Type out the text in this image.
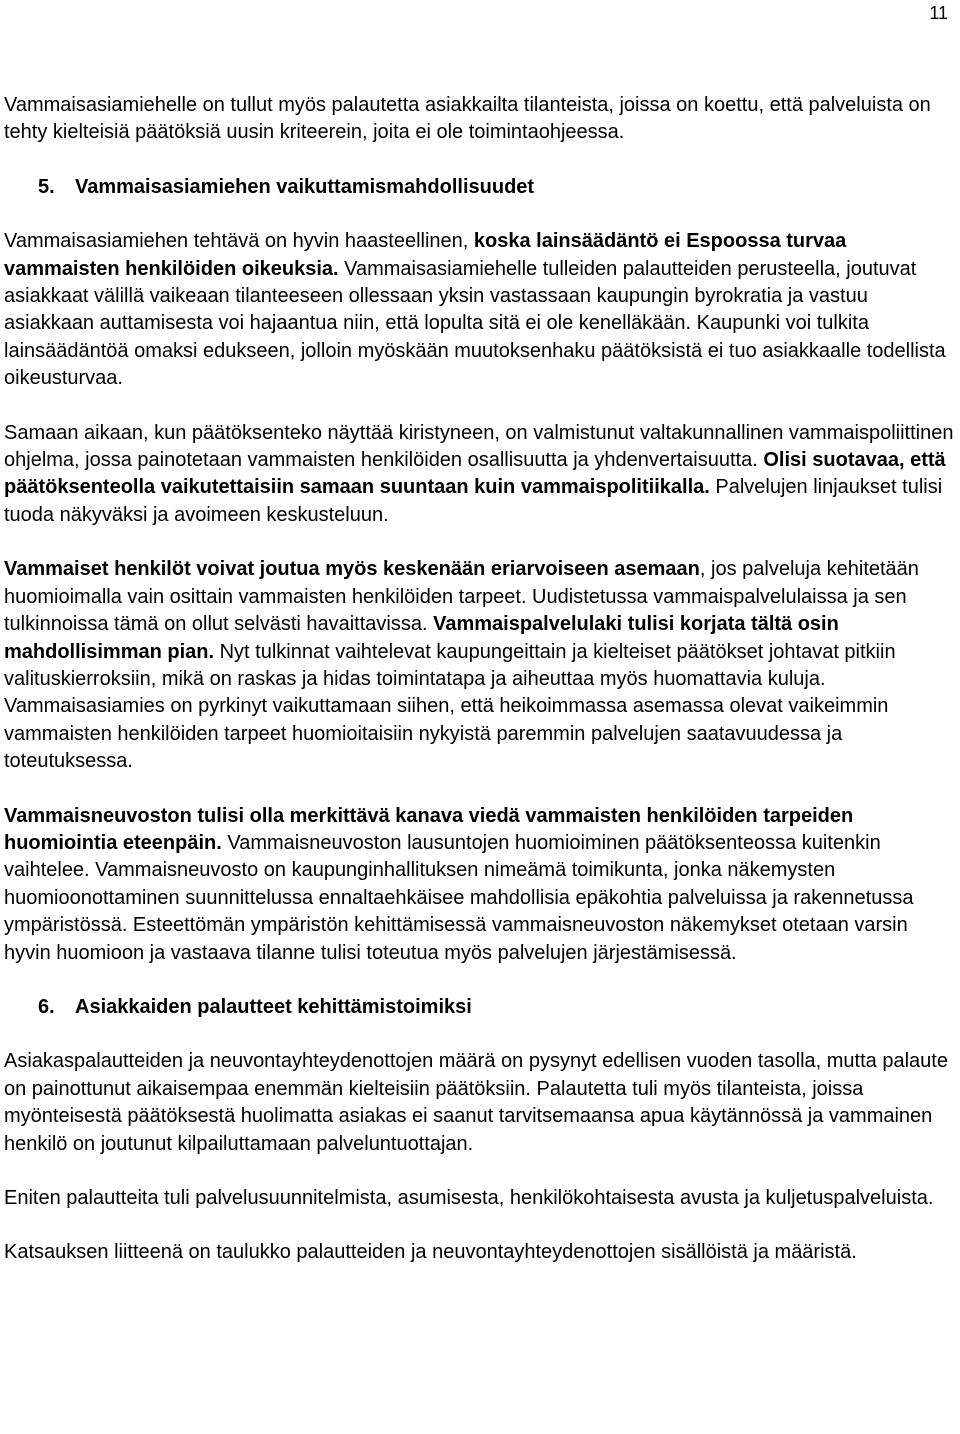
11

Vammaisasiamiehelle on tullut myös palautetta asiakkailta tilanteista, joissa on koettu, että palveluista on tehty kielteisiä päätöksiä uusin kriteerein, joita ei ole toimintaohjeessa.

5.	Vammaisasiamiehen vaikuttamismahdollisuudet

Vammaisasiamiehen tehtävä on hyvin haasteellinen, koska lainsäädäntö ei Espoossa turvaa vammaisten henkilöiden oikeuksia. Vammaisasiamiehelle tulleiden palautteiden perusteella, joutuvat asiakkaat välillä vaikeaan tilanteeseen ollessaan yksin vastassaan kaupungin byrokratia ja vastuu asiakkaan auttamisesta voi hajaantua niin, että lopulta sitä ei ole kenelläkään. Kaupunki voi tulkita lainsäädäntöä omaksi edukseen, jolloin myöskään muutoksenhaku päätöksistä ei tuo asiakkaalle todellista oikeusturvaa.

Samaan aikaan, kun päätöksenteko näyttää kiristyneen, on valmistunut valtakunnallinen vammaispoliittinen ohjelma, jossa painotetaan vammaisten henkilöiden osallisuutta ja yhdenvertaisuutta. Olisi suotavaa, että päätöksenteolla vaikutettaisiin samaan suuntaan kuin vammaispolitiikalla. Palvelujen linjaukset tulisi tuoda näkyväksi ja avoimeen keskusteluun.

Vammaiset henkilöt voivat joutua myös keskenään eriarvoiseen asemaan, jos palveluja kehitetään huomioimalla vain osittain vammaisten henkilöiden tarpeet. Uudistetussa vammaispalvelulaissa ja sen tulkinnoissa tämä on ollut selvästi havaittavissa. Vammaispalvelulaki tulisi korjata tältä osin mahdollisimman pian. Nyt tulkinnat vaihtelevat kaupungeittain ja kielteiset päätökset johtavat pitkiin valituskierroksiin, mikä on raskas ja hidas toimintatapa ja aiheuttaa myös huomattavia kuluja. Vammaisasiamies on pyrkinyt vaikuttamaan siihen, että heikoimmassa asemassa olevat vaikeimmin vammaisten henkilöiden tarpeet huomioitaisiin nykyistä paremmin palvelujen saatavuudessa ja toteutuksessa.

Vammaisneuvoston tulisi olla merkittävä kanava viedä vammaisten henkilöiden tarpeiden huomiointia eteenpäin. Vammaisneuvoston lausuntojen huomioiminen päätöksenteossa kuitenkin vaihtelee. Vammaisneuvosto on kaupunginhallituksen nimeämä toimikunta, jonka näkemysten huomioonottaminen suunnittelussa ennaltaehkäisee mahdollisia epäkohtia palveluissa ja rakennetussa ympäristössä. Esteettömän ympäristön kehittämisessä vammaisneuvoston näkemykset otetaan varsin hyvin huomioon ja vastaava tilanne tulisi toteutua myös palvelujen järjestämisessä.

6.	Asiakkaiden palautteet kehittämistoimiksi

Asiakaspalautteiden ja neuvontayhteydenottojen määrä on pysynyt edellisen vuoden tasolla, mutta palaute on painottunut aikaisempaa enemmän kielteisiin päätöksiin. Palautetta tuli myös tilanteista, joissa myönteisestä päätöksestä huolimatta asiakas ei saanut tarvitsemaansa apua käytännössä ja vammainen henkilö on joutunut kilpailuttamaan palveluntuottajan.

Eniten palautteita tuli palvelusuunnitelmista, asumisesta, henkilökohtaisesta avusta ja kuljetuspalveluista.

Katsauksen liitteenä on taulukko palautteiden ja neuvontayhteydenottojen sisällöistä ja määristä.
